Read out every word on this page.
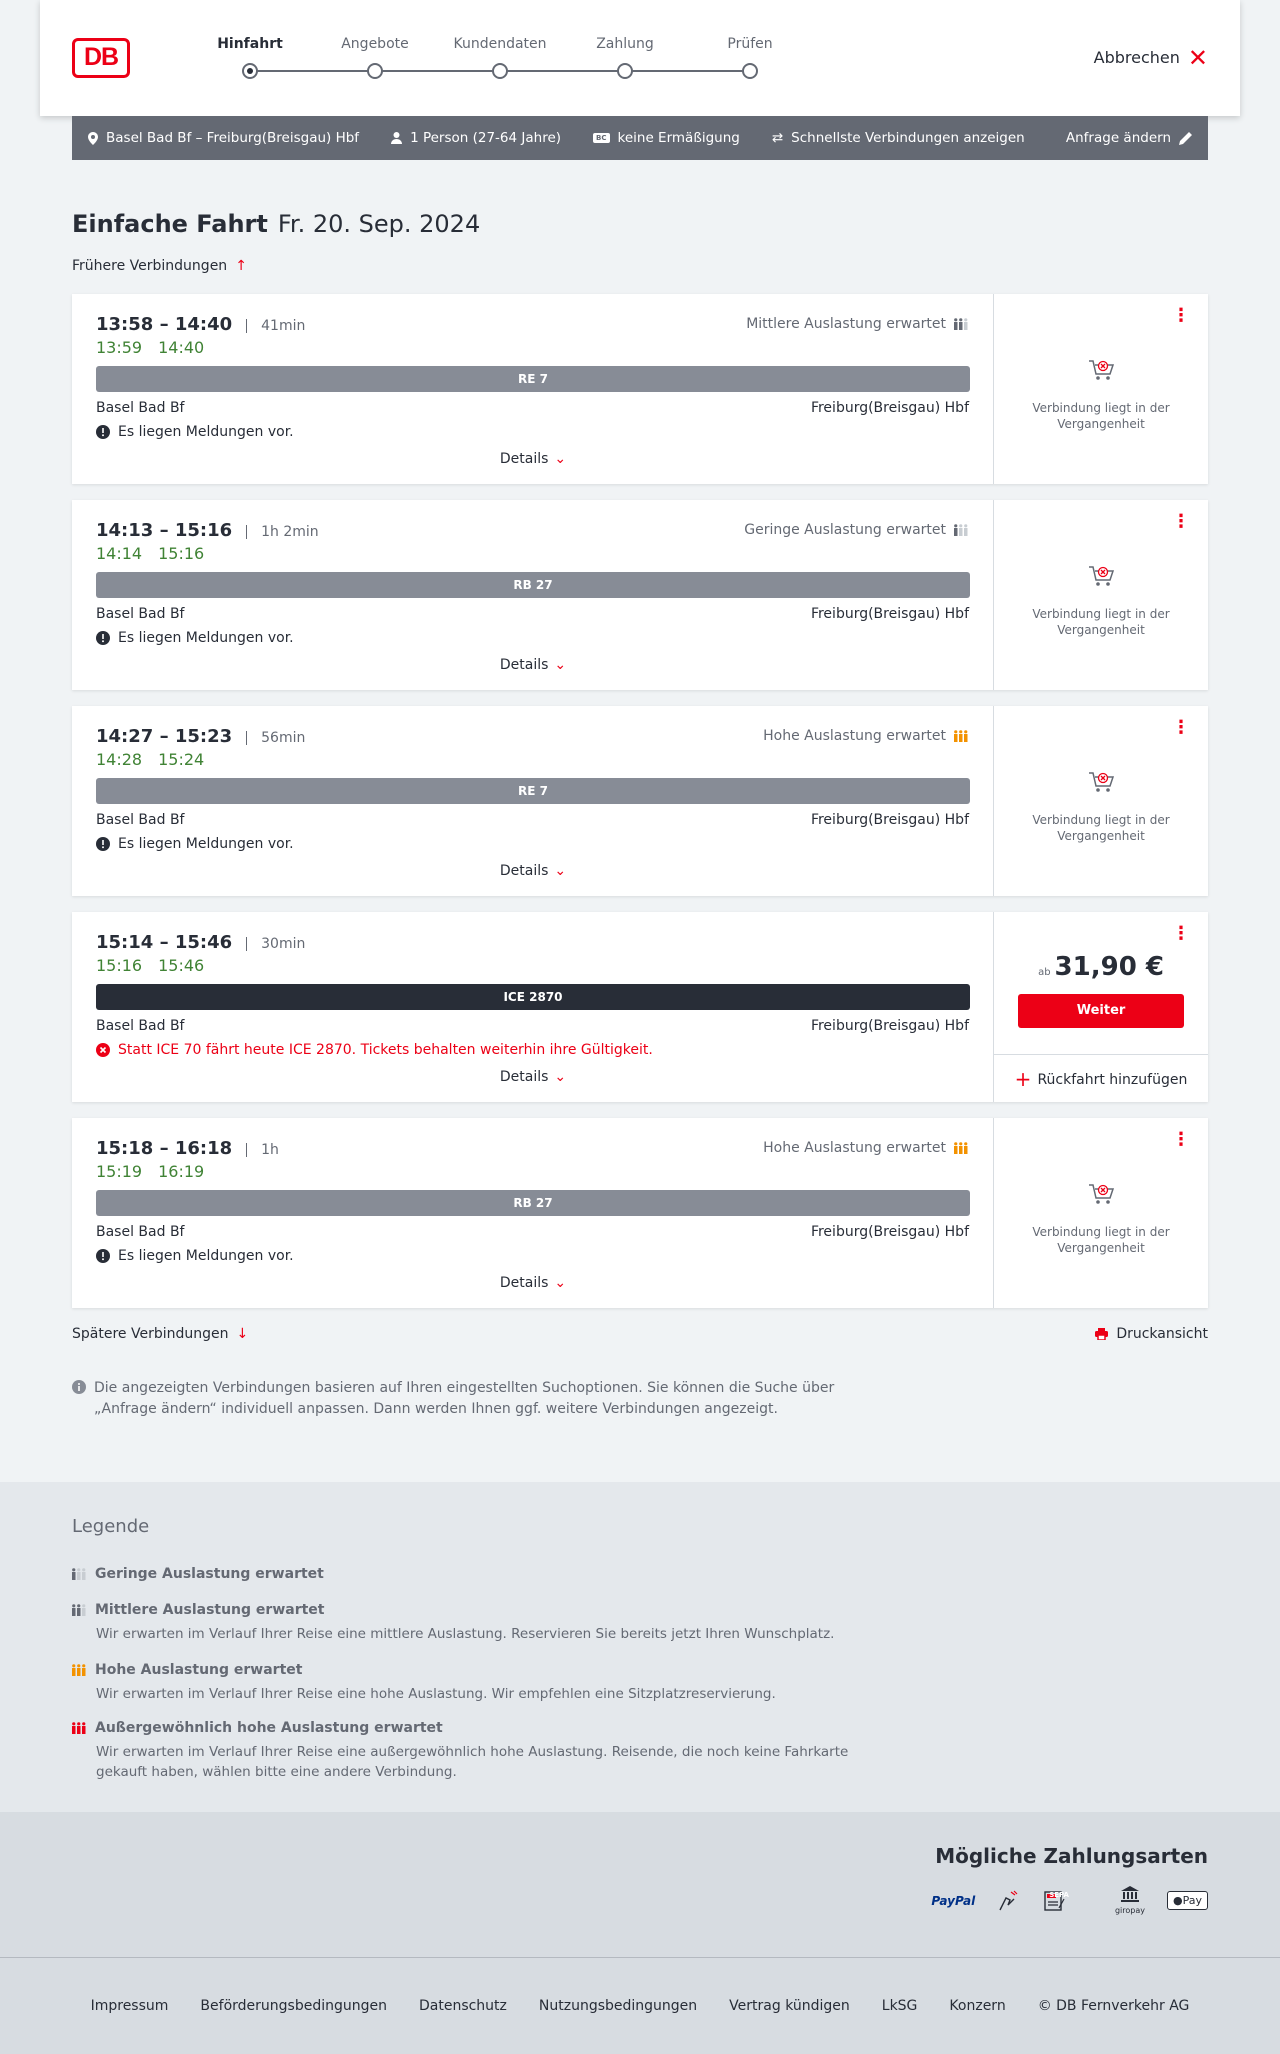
DB	Hinfahrt	Angebote	Kundendaten	Zahlung	Prüfen
Abbrechen ✕
Basel Bad Bf – Freiburg(Breisgau) Hbf	1 Person (27-64 Jahre)	BC keine Ermäßigung ⇄ Schnellste Verbindungen anzeigen	Anfrage ändern
Einfache Fahrt Fr. 20. Sep. 2024
Frühere Verbindungen ↑
13:58 – 14:40	41min
13:59 14:40
Mittlere Auslastung erwartet
RE 7
Basel Bad Bf	Freiburg(Breisgau) Hbf
Es liegen Meldungen vor.
Details ⌄
⋮
Verbindung liegt in der Vergangenheit
14:13 – 15:16	1h 2min
14:14 15:16
Geringe Auslastung erwartet
RB 27
Basel Bad Bf	Freiburg(Breisgau) Hbf
Es liegen Meldungen vor.
Details ⌄
⋮
Verbindung liegt in der Vergangenheit
14:27 – 15:23	56min
14:28 15:24
Hohe Auslastung erwartet
RE 7
Basel Bad Bf	Freiburg(Breisgau) Hbf
Es liegen Meldungen vor.
Details ⌄
⋮
Verbindung liegt in der Vergangenheit
15:14 – 15:46	30min
15:16 15:46
ICE 2870
Basel Bad Bf	Freiburg(Breisgau) Hbf
Statt ICE 70 fährt heute ICE 2870. Tickets behalten weiterhin ihre Gültigkeit.
Details ⌄
⋮
ab 31,90 €
Weiter
+ Rückfahrt hinzufügen
15:18 – 16:18	1h
15:19 16:19
Hohe Auslastung erwartet
RB 27
Basel Bad Bf	Freiburg(Breisgau) Hbf
Es liegen Meldungen vor.
Details ⌄
⋮
Verbindung liegt in der Vergangenheit
Spätere Verbindungen ↓	Druckansicht
Die angezeigten Verbindungen basieren auf Ihren eingestellten Suchoptionen. Sie können die Suche über „Anfrage ändern“ individuell anpassen. Dann werden Ihnen ggf. weitere Verbindungen angezeigt.
Legende
Geringe Auslastung erwartet
Mittlere Auslastung erwartet
Wir erwarten im Verlauf Ihrer Reise eine mittlere Auslastung. Reservieren Sie bereits jetzt Ihren Wunschplatz.
Hohe Auslastung erwartet
Wir erwarten im Verlauf Ihrer Reise eine hohe Auslastung. Wir empfehlen eine Sitzplatzreservierung.
Außergewöhnlich hohe Auslastung erwartet
Wir erwarten im Verlauf Ihrer Reise eine außergewöhnlich hohe Auslastung. Reisende, die noch keine Fahrkarte gekauft haben, wählen bitte eine andere Verbindung.
Mögliche Zahlungsarten
PayPal	SEPA
giropay
●Pay
Impressum Beförderungsbedingungen Datenschutz Nutzungsbedingungen Vertrag kündigen LkSG Konzern © DB Fernverkehr AG
